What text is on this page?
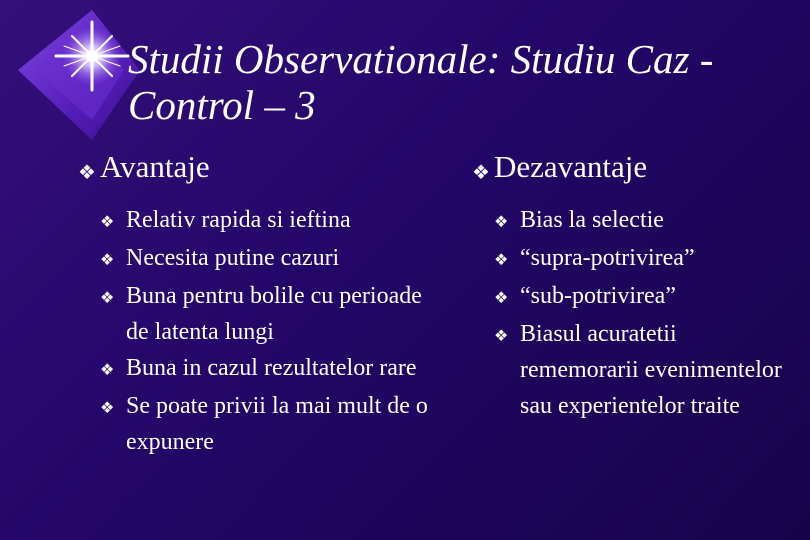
Studii Observationale: Studiu Caz -Control – 3
❖ Avantaje
❖ Relativ rapida si ieftina
❖ Necesita putine cazuri
❖ Buna pentru bolile cu perioade de latenta lungi
❖ Buna in cazul rezultatelor rare
❖ Se poate privii la mai mult de o expunere
❖ Dezavantaje
❖ Bias la selectie
❖ “supra-potrivirea”
❖ “sub-potrivirea”
❖ Biasul acuratetii rememorarii evenimentelor sau experientelor traite
